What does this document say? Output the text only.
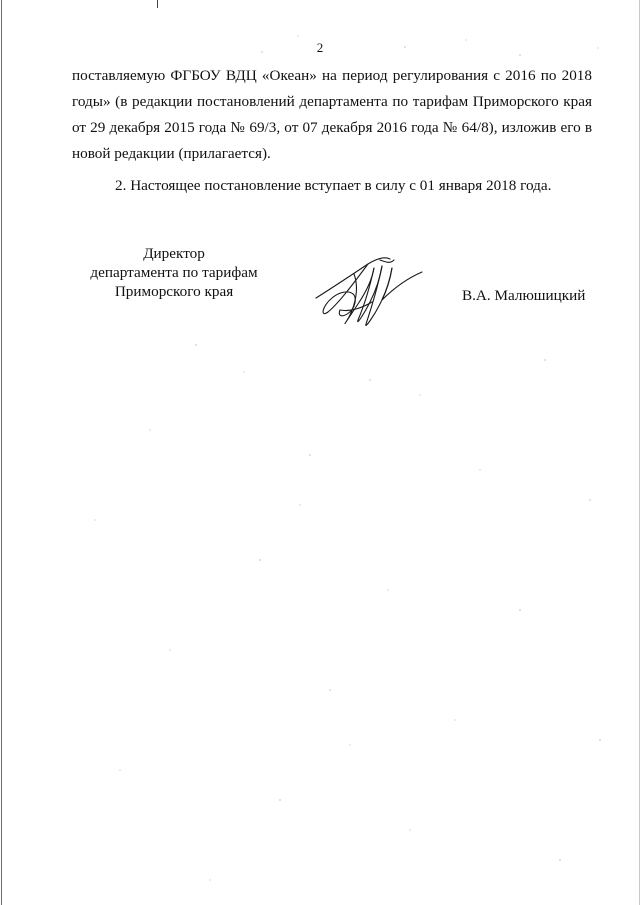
2

поставляемую ФГБОУ ВДЦ «Океан» на период регулирования с 2016 по 2018
годы» (в редакции постановлений департамента по тарифам Приморского края
от 29 декабря 2015 года № 69/3, от 07 декабря 2016 года № 64/8), изложив его в
новой редакции (прилагается).

2. Настоящее постановление вступает в силу с 01 января 2018 года.

Директор
департамента по тарифам
Приморского края	В.А. Малюшицкий
